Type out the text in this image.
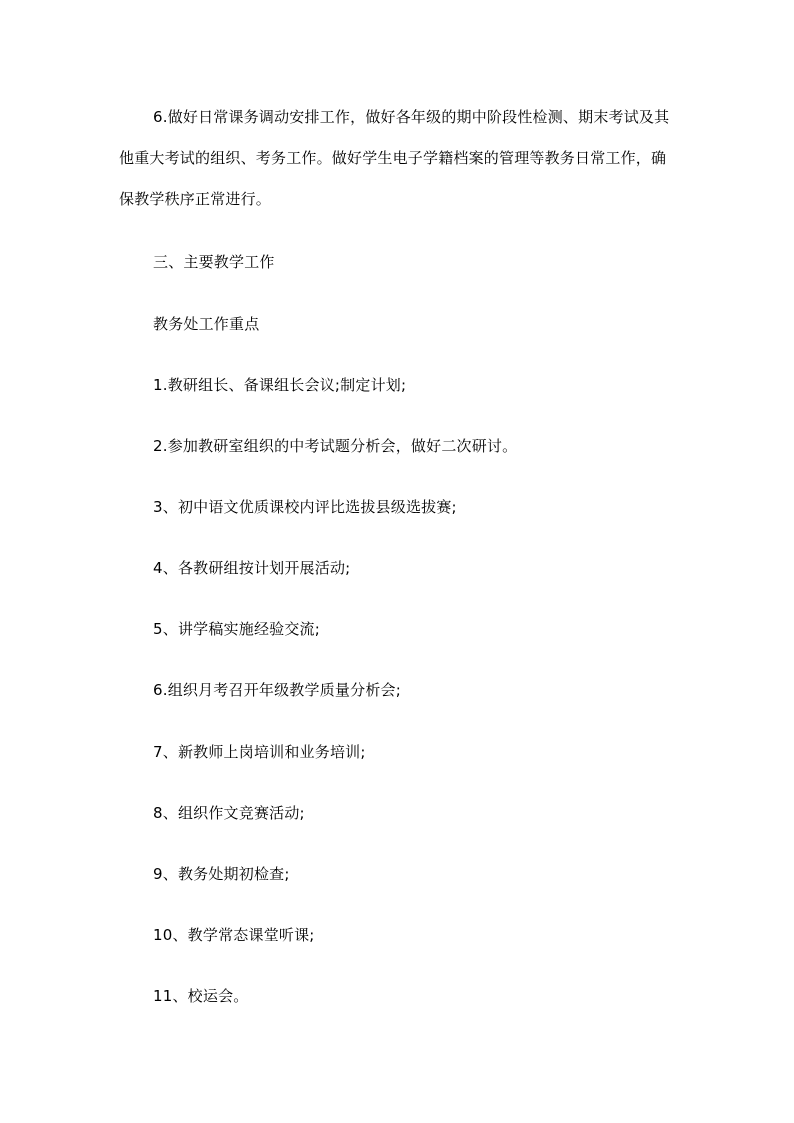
6.做好日常课务调动安排工作，做好各年级的期中阶段性检测、期末考试及其他重大考试的组织、考务工作。做好学生电子学籍档案的管理等教务日常工作，确保教学秩序正常进行。

三、主要教学工作

教务处工作重点

1.教研组长、备课组长会议;制定计划;

2.参加教研室组织的中考试题分析会，做好二次研讨。

3、初中语文优质课校内评比选拔县级选拔赛;

4、各教研组按计划开展活动;

5、讲学稿实施经验交流;

6.组织月考召开年级教学质量分析会;

7、新教师上岗培训和业务培训;

8、组织作文竞赛活动;

9、教务处期初检查;

10、教学常态课堂听课;

11、校运会。
